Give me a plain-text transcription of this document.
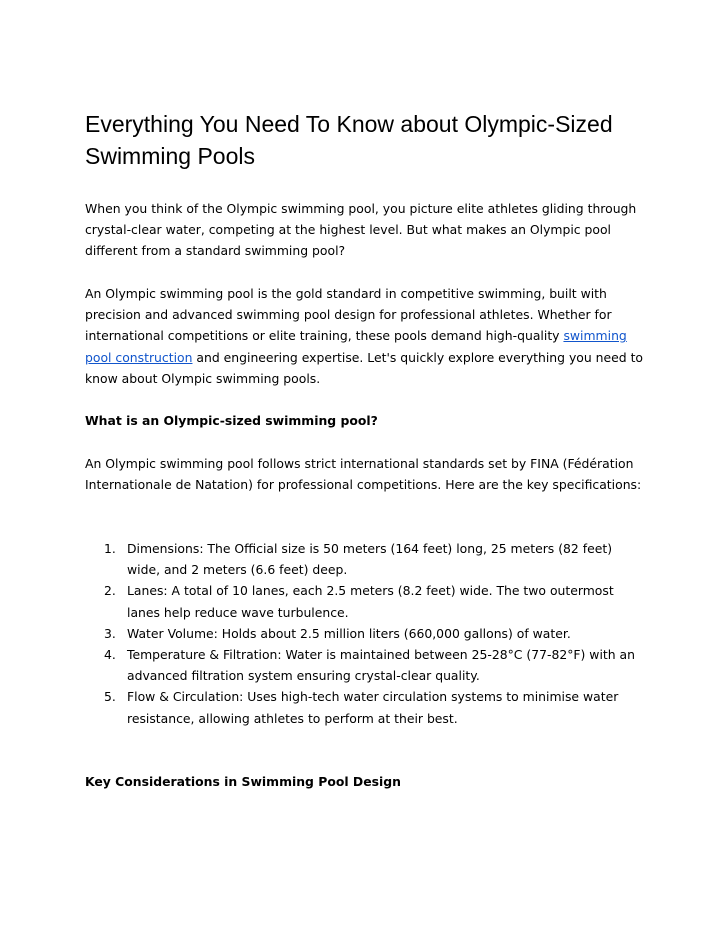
Everything You Need To Know about Olympic-Sized Swimming Pools

When you think of the Olympic swimming pool, you picture elite athletes gliding through crystal-clear water, competing at the highest level. But what makes an Olympic pool different from a standard swimming pool?

An Olympic swimming pool is the gold standard in competitive swimming, built with precision and advanced swimming pool design for professional athletes. Whether for international competitions or elite training, these pools demand high-quality swimming pool construction and engineering expertise. Let's quickly explore everything you need to know about Olympic swimming pools.

What is an Olympic-sized swimming pool?

An Olympic swimming pool follows strict international standards set by FINA (Fédération Internationale de Natation) for professional competitions. Here are the key specifications:

1. Dimensions: The Official size is 50 meters (164 feet) long, 25 meters (82 feet) wide, and 2 meters (6.6 feet) deep.
2. Lanes: A total of 10 lanes, each 2.5 meters (8.2 feet) wide. The two outermost lanes help reduce wave turbulence.
3. Water Volume: Holds about 2.5 million liters (660,000 gallons) of water.
4. Temperature & Filtration: Water is maintained between 25-28°C (77-82°F) with an advanced filtration system ensuring crystal-clear quality.
5. Flow & Circulation: Uses high-tech water circulation systems to minimise water resistance, allowing athletes to perform at their best.

Key Considerations in Swimming Pool Design
